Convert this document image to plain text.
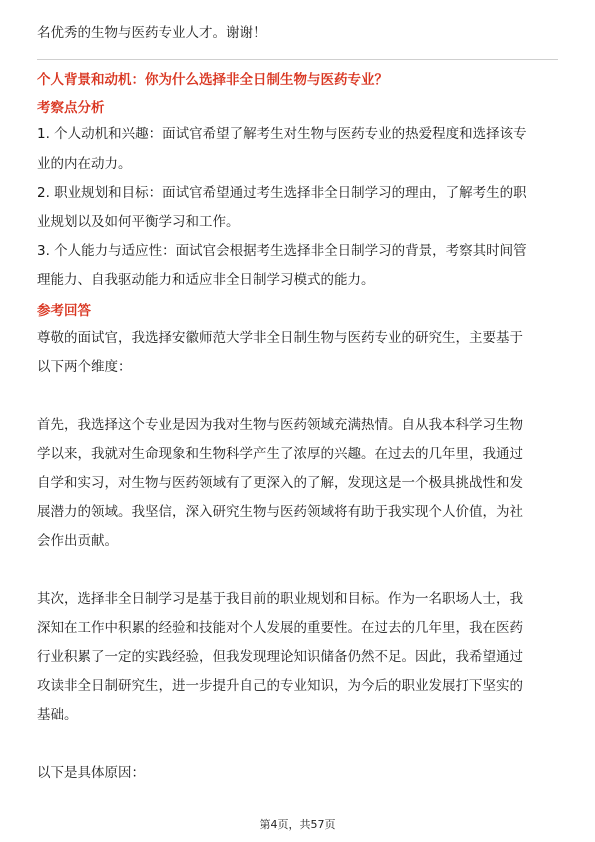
名优秀的生物与医药专业人才。谢谢！
个人背景和动机：你为什么选择非全日制生物与医药专业？
考察点分析
1. 个人动机和兴趣：面试官希望了解考生对生物与医药专业的热爱程度和选择该专
业的内在动力。
2. 职业规划和目标：面试官希望通过考生选择非全日制学习的理由，了解考生的职
业规划以及如何平衡学习和工作。
3. 个人能力与适应性：面试官会根据考生选择非全日制学习的背景，考察其时间管
理能力、自我驱动能力和适应非全日制学习模式的能力。
参考回答
尊敬的面试官，我选择安徽师范大学非全日制生物与医药专业的研究生，主要基于
以下两个维度：
首先，我选择这个专业是因为我对生物与医药领域充满热情。自从我本科学习生物
学以来，我就对生命现象和生物科学产生了浓厚的兴趣。在过去的几年里，我通过
自学和实习，对生物与医药领域有了更深入的了解，发现这是一个极具挑战性和发
展潜力的领域。我坚信，深入研究生物与医药领域将有助于我实现个人价值，为社
会作出贡献。
其次，选择非全日制学习是基于我目前的职业规划和目标。作为一名职场人士，我
深知在工作中积累的经验和技能对个人发展的重要性。在过去的几年里，我在医药
行业积累了一定的实践经验，但我发现理论知识储备仍然不足。因此，我希望通过
攻读非全日制研究生，进一步提升自己的专业知识，为今后的职业发展打下坚实的
基础。
以下是具体原因：
第4页，共57页
